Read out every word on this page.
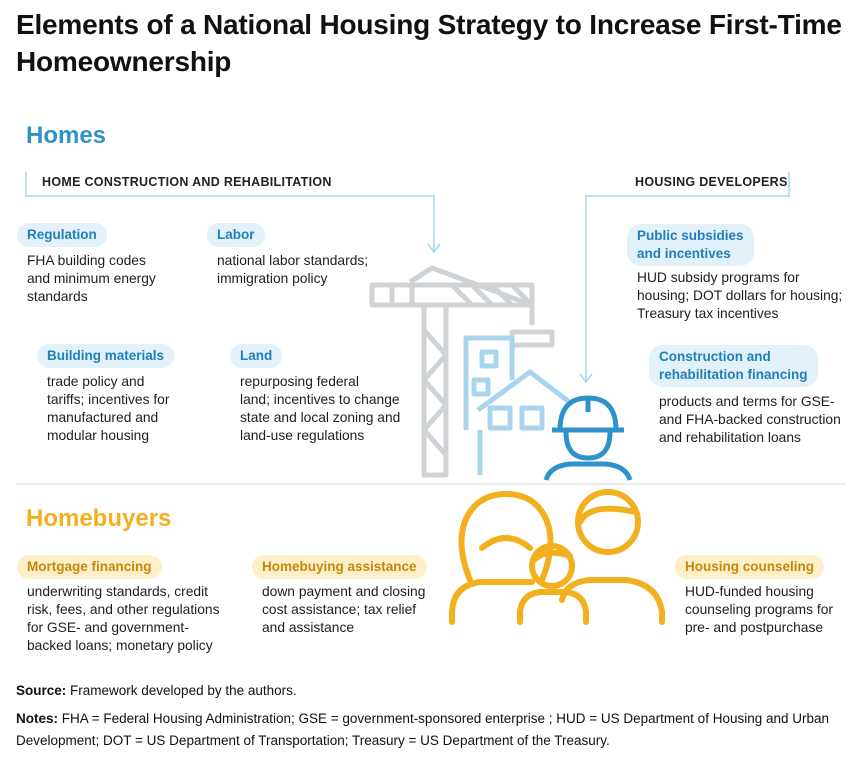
Elements of a National Housing Strategy to Increase First-Time Homeownership
Homes
HOME CONSTRUCTION AND REHABILITATION	HOUSING DEVELOPERS
Regulation
FHA building codes
and minimum energy
standards
Labor
national labor standards;
immigration policy
Building materials
trade policy and
tariffs; incentives for
manufactured and
modular housing
Land
repurposing federal
land; incentives to change
state and local zoning and
land-use regulations
Public subsidies
and incentives
HUD subsidy programs for
housing; DOT dollars for housing;
Treasury tax incentives
Construction and
rehabilitation financing
products and terms for GSE-
and FHA-backed construction
and rehabilitation loans
Homebuyers
Mortgage financing
underwriting standards, credit
risk, fees, and other regulations
for GSE- and government-
backed loans; monetary policy
Homebuying assistance
down payment and closing
cost assistance; tax relief
and assistance
Housing counseling
HUD-funded housing
counseling programs for
pre- and postpurchase
Source: Framework developed by the authors.
Notes: FHA = Federal Housing Administration; GSE = government-sponsored enterprise ; HUD = US Department of Housing and Urban Development; DOT = US Department of Transportation; Treasury = US Department of the Treasury.
